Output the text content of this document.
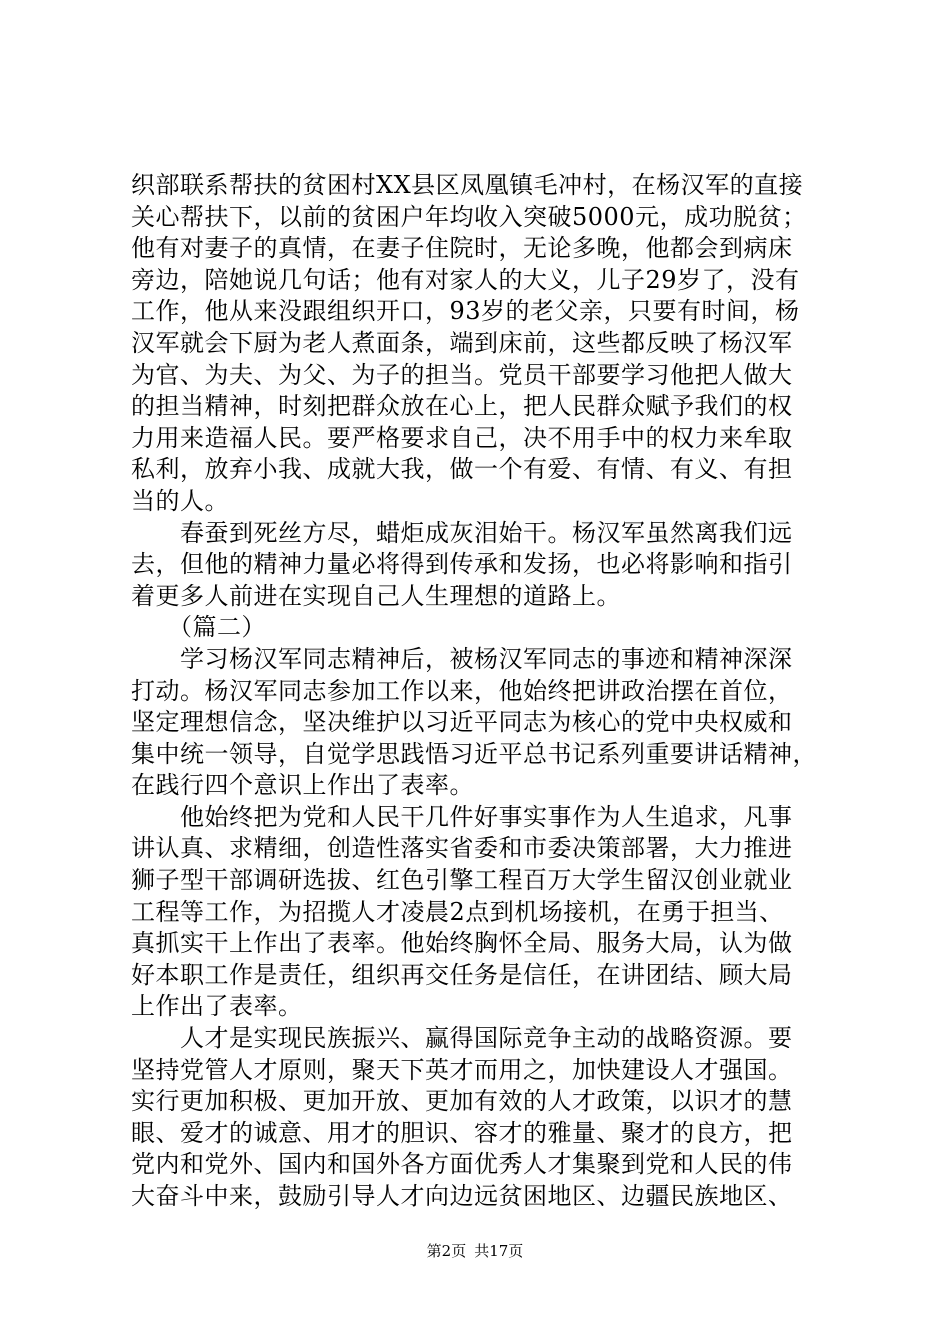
织部联系帮扶的贫困村XX县区凤凰镇毛冲村，在杨汉军的直接
关心帮扶下，以前的贫困户年均收入突破5000元，成功脱贫；
他有对妻子的真情，在妻子住院时，无论多晚，他都会到病床
旁边，陪她说几句话；他有对家人的大义，儿子29岁了，没有
工作，他从来没跟组织开口，93岁的老父亲，只要有时间，杨
汉军就会下厨为老人煮面条，端到床前，这些都反映了杨汉军
为官、为夫、为父、为子的担当。党员干部要学习他把人做大
的担当精神，时刻把群众放在心上，把人民群众赋予我们的权
力用来造福人民。要严格要求自己，决不用手中的权力来牟取
私利，放弃小我、成就大我，做一个有爱、有情、有义、有担
当的人。
　　春蚕到死丝方尽，蜡炬成灰泪始干。杨汉军虽然离我们远
去，但他的精神力量必将得到传承和发扬，也必将影响和指引
着更多人前进在实现自己人生理想的道路上。
　　（篇二）
　　学习杨汉军同志精神后，被杨汉军同志的事迹和精神深深
打动。杨汉军同志参加工作以来，他始终把讲政治摆在首位，
坚定理想信念，坚决维护以习近平同志为核心的党中央权威和
集中统一领导，自觉学思践悟习近平总书记系列重要讲话精神，
在践行四个意识上作出了表率。
　　他始终把为党和人民干几件好事实事作为人生追求，凡事
讲认真、求精细，创造性落实省委和市委决策部署，大力推进
狮子型干部调研选拔、红色引擎工程百万大学生留汉创业就业
工程等工作，为招揽人才凌晨2点到机场接机，在勇于担当、
真抓实干上作出了表率。他始终胸怀全局、服务大局，认为做
好本职工作是责任，组织再交任务是信任，在讲团结、顾大局
上作出了表率。
　　人才是实现民族振兴、赢得国际竞争主动的战略资源。要
坚持党管人才原则，聚天下英才而用之，加快建设人才强国。
实行更加积极、更加开放、更加有效的人才政策，以识才的慧
眼、爱才的诚意、用才的胆识、容才的雅量、聚才的良方，把
党内和党外、国内和国外各方面优秀人才集聚到党和人民的伟
大奋斗中来，鼓励引导人才向边远贫困地区、边疆民族地区、
第2页 共17页
